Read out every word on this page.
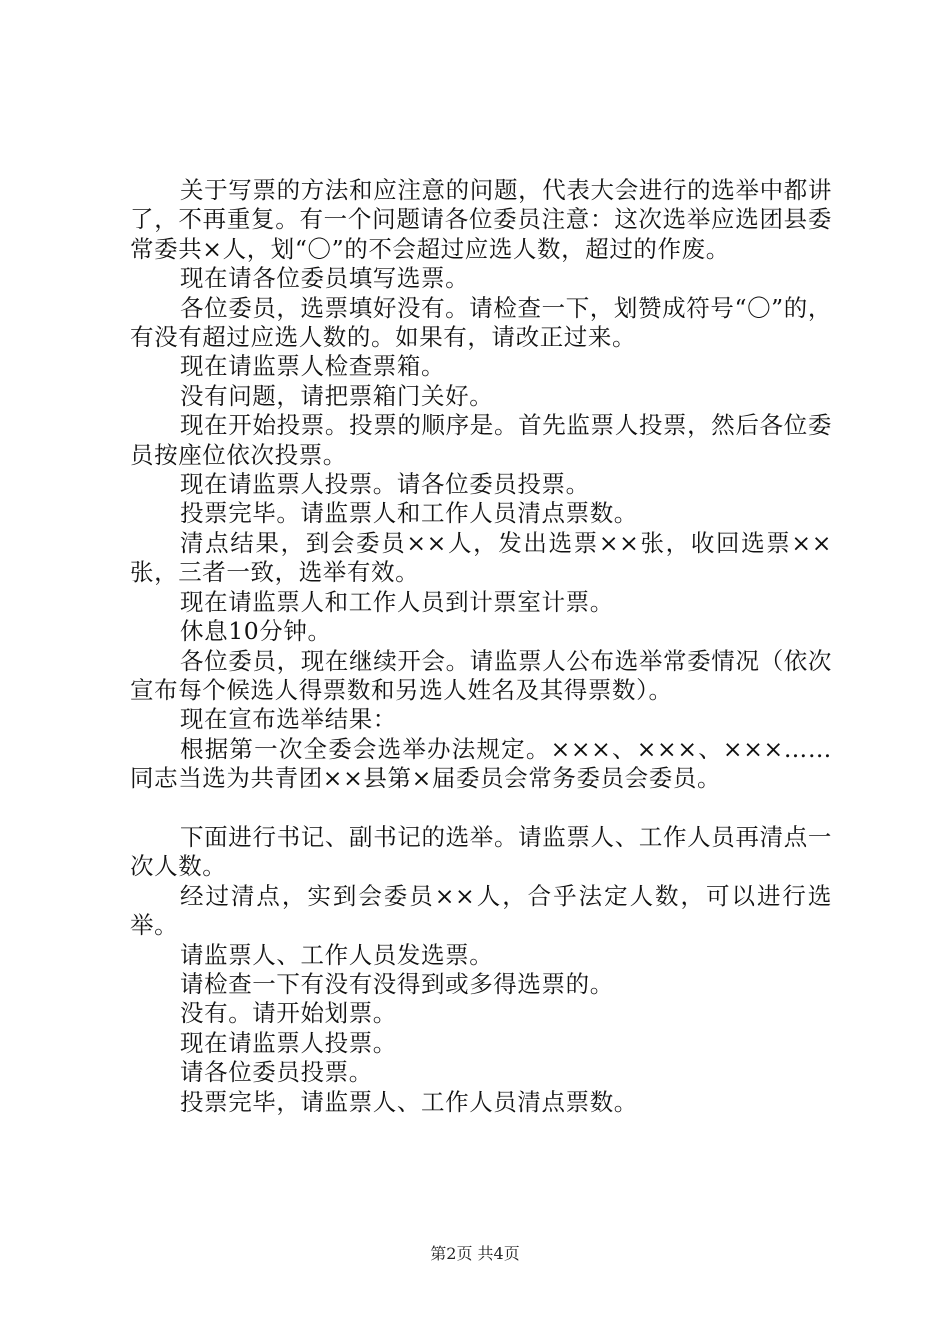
关于写票的方法和应注意的问题，代表大会进行的选举中都讲了，不再重复。有一个问题请各位委员注意：这次选举应选团县委常委共×人，划“〇”的不会超过应选人数，超过的作废。

现在请各位委员填写选票。

各位委员，选票填好没有。请检查一下，划赞成符号“〇”的，有没有超过应选人数的。如果有，请改正过来。

现在请监票人检查票箱。

没有问题，请把票箱门关好。

现在开始投票。投票的顺序是。首先监票人投票，然后各位委员按座位依次投票。

现在请监票人投票。请各位委员投票。

投票完毕。请监票人和工作人员清点票数。

清点结果，到会委员××人，发出选票××张，收回选票××张，三者一致，选举有效。

现在请监票人和工作人员到计票室计票。

休息10分钟。

各位委员，现在继续开会。请监票人公布选举常委情况（依次宣布每个候选人得票数和另选人姓名及其得票数）。

现在宣布选举结果：

根据第一次全委会选举办法规定。×××、×××、×××……同志当选为共青团××县第×届委员会常务委员会委员。

下面进行书记、副书记的选举。请监票人、工作人员再清点一次人数。

经过清点，实到会委员××人，合乎法定人数，可以进行选举。

请监票人、工作人员发选票。

请检查一下有没有没得到或多得选票的。

没有。请开始划票。

现在请监票人投票。

请各位委员投票。

投票完毕，请监票人、工作人员清点票数。

第2页 共4页
